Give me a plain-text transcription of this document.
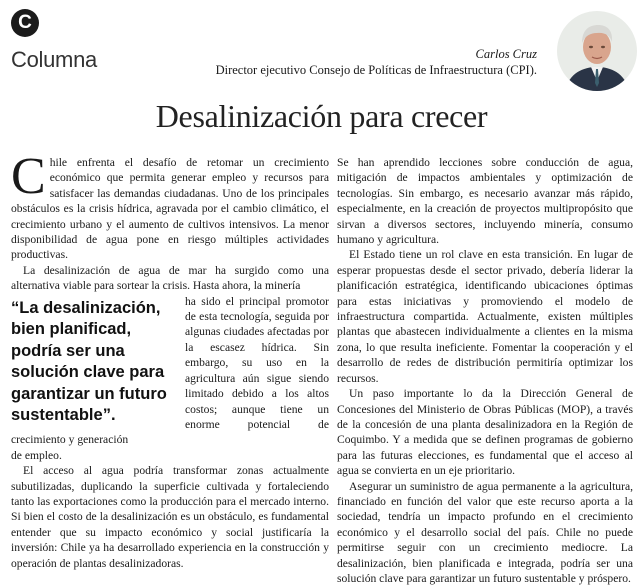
C
Columna	Carlos Cruz
Director ejecutivo Consejo de Políticas de Infraestructura (CPI).
Desalinización para crecer

Chile enfrenta el desafío de retomar un crecimiento económico que permita generar empleo y recursos para satisfacer las demandas ciudadanas. Uno de los principales obstáculos es la crisis hídrica, agravada por el cambio climático, el crecimiento urbano y el aumento de cultivos intensivos. La menor disponibilidad de agua pone en riesgo múltiples actividades productivas.

La desalinización de agua de mar ha surgido como una alternativa viable para sortear la crisis. Hasta ahora, la minería

“La desalinización, bien planificad, podría ser una solución clave para garantizar un futuro sustentable”.

ha sido el principal promotor de esta tecnología, seguida por algunas ciudades afectadas por la escasez hídrica. Sin embargo, su uso en la agricultura aún sigue siendo limitado debido a los altos costos; aunque tiene un enorme potencial de crecimiento y generación

de empleo.

El acceso al agua podría transformar zonas actualmente subutilizadas, duplicando la superficie cultivada y fortaleciendo tanto las exportaciones como la producción para el mercado interno. Si bien el costo de la desalinización es un obstáculo, es fundamental entender que su impacto económico y social justificaría la inversión: Chile ya ha desarrollado experiencia en la construcción y operación de plantas desalinizadoras.

Se han aprendido lecciones sobre conducción de agua, mitigación de impactos ambientales y optimización de tecnologías. Sin embargo, es necesario avanzar más rápido, especialmente, en la creación de proyectos multipropósito que sirvan a diversos sectores, incluyendo minería, consumo humano y agricultura.

El Estado tiene un rol clave en esta transición. En lugar de esperar propuestas desde el sector privado, debería liderar la planificación estratégica, identificando ubicaciones óptimas para estas iniciativas y promoviendo el modelo de infraestructura compartida. Actualmente, existen múltiples plantas que abastecen individualmente a clientes en la misma zona, lo que resulta ineficiente. Fomentar la cooperación y el desarrollo de redes de distribución permitiría optimizar los recursos.

Un paso importante lo da la Dirección General de Concesiones del Ministerio de Obras Públicas (MOP), a través de la concesión de una planta desalinizadora en la Región de Coquimbo. Y a medida que se definen programas de gobierno para las futuras elecciones, es fundamental que el acceso al agua se convierta en un eje prioritario.

Asegurar un suministro de agua permanente a la agricultura, financiado en función del valor que este recurso aporta a la sociedad, tendría un impacto profundo en el crecimiento económico y el desarrollo social del país. Chile no puede permitirse seguir con un crecimiento mediocre. La desalinización, bien planificada e integrada, podría ser una solución clave para garantizar un futuro sustentable y próspero.
